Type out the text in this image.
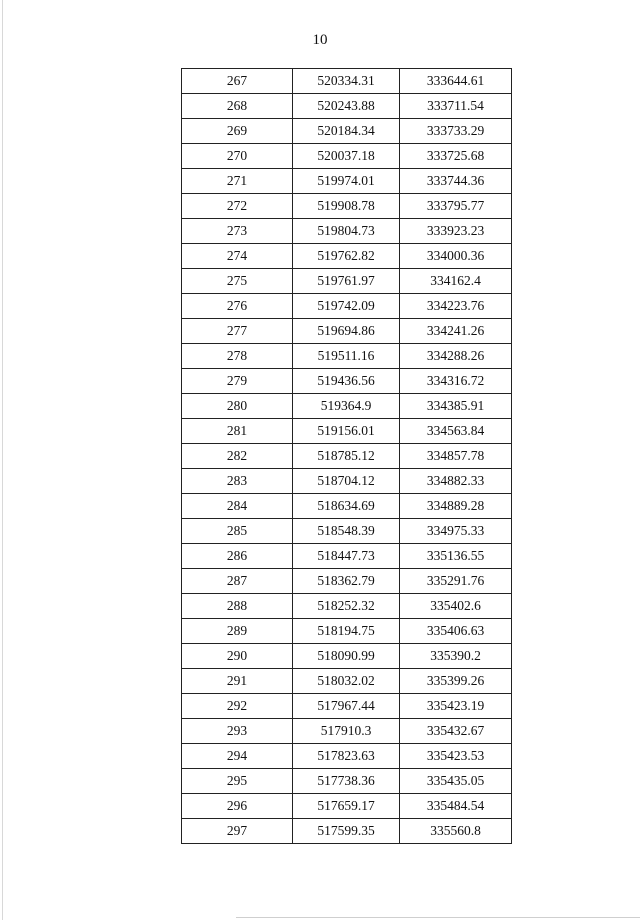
10
267	520334.31	333644.61
268	520243.88	333711.54
269	520184.34	333733.29
270	520037.18	333725.68
271	519974.01	333744.36
272	519908.78	333795.77
273	519804.73	333923.23
274	519762.82	334000.36
275	519761.97	334162.4
276	519742.09	334223.76
277	519694.86	334241.26
278	519511.16	334288.26
279	519436.56	334316.72
280	519364.9	334385.91
281	519156.01	334563.84
282	518785.12	334857.78
283	518704.12	334882.33
284	518634.69	334889.28
285	518548.39	334975.33
286	518447.73	335136.55
287	518362.79	335291.76
288	518252.32	335402.6
289	518194.75	335406.63
290	518090.99	335390.2
291	518032.02	335399.26
292	517967.44	335423.19
293	517910.3	335432.67
294	517823.63	335423.53
295	517738.36	335435.05
296	517659.17	335484.54
297	517599.35	335560.8
